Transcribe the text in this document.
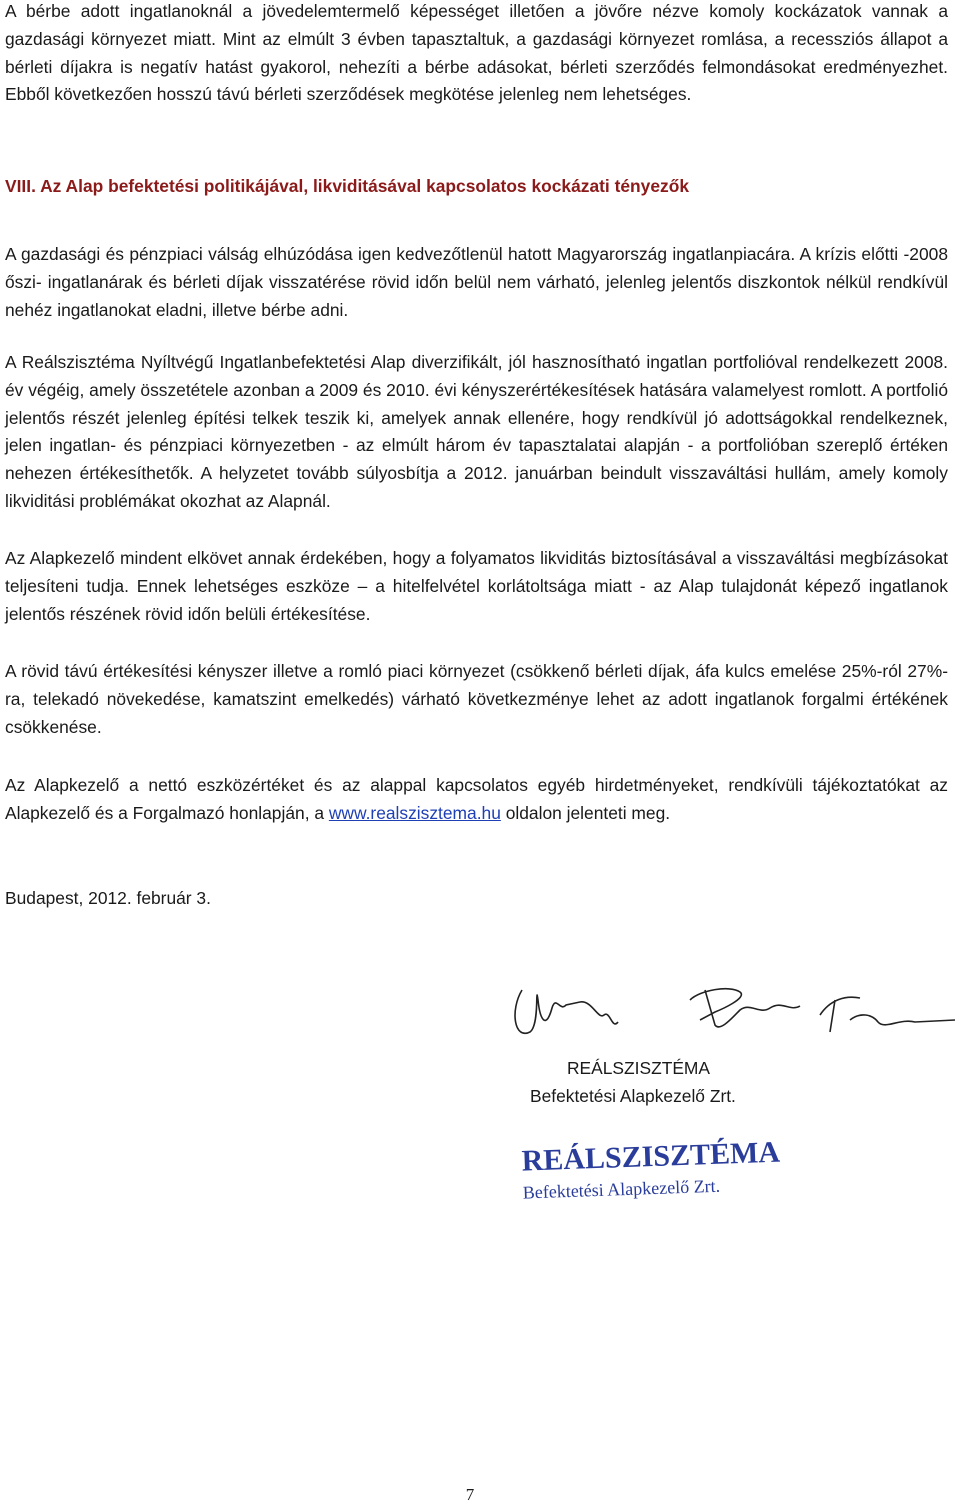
A bérbe adott ingatlanoknál a jövedelemtermelő képességet illetően a jövőre nézve komoly kockázatok vannak a gazdasági környezet miatt. Mint az elmúlt 3 évben tapasztaltuk, a gazdasági környezet romlása, a recessziós állapot a bérleti díjakra is negatív hatást gyakorol, nehezíti a bérbe adásokat, bérleti szerződés felmondásokat eredményezhet. Ebből következően hosszú távú bérleti szerződések megkötése jelenleg nem lehetséges.

VIII. Az Alap befektetési politikájával, likviditásával kapcsolatos kockázati tényezők

A gazdasági és pénzpiaci válság elhúzódása igen kedvezőtlenül hatott Magyarország ingatlanpiacára. A krízis előtti -2008 őszi- ingatlanárak és bérleti díjak visszatérése rövid időn belül nem várható, jelenleg jelentős diszkontok nélkül rendkívül nehéz ingatlanokat eladni, illetve bérbe adni.

A Reálszisztéma Nyíltvégű Ingatlanbefektetési Alap diverzifikált, jól hasznosítható ingatlan portfolióval rendelkezett 2008. év végéig, amely összetétele azonban a 2009 és 2010. évi kényszerértékesítések hatására valamelyest romlott. A portfolió jelentős részét jelenleg építési telkek teszik ki, amelyek annak ellenére, hogy rendkívül jó adottságokkal rendelkeznek, jelen ingatlan- és pénzpiaci környezetben - az elmúlt három év tapasztalatai alapján - a portfolióban szereplő értéken nehezen értékesíthetők. A helyzetet tovább súlyosbítja a 2012. januárban beindult visszaváltási hullám, amely komoly likviditási problémákat okozhat az Alapnál.

Az Alapkezelő mindent elkövet annak érdekében, hogy a folyamatos likviditás biztosításával a visszaváltási megbízásokat teljesíteni tudja. Ennek lehetséges eszköze – a hitelfelvétel korlátoltsága miatt - az Alap tulajdonát képező ingatlanok jelentős részének rövid időn belüli értékesítése.

A rövid távú értékesítési kényszer illetve a romló piaci környezet (csökkenő bérleti díjak, áfa kulcs emelése 25%-ról 27%-ra, telekadó növekedése, kamatszint emelkedés) várható következménye lehet az adott ingatlanok forgalmi értékének csökkenése.

Az Alapkezelő a nettó eszközértéket és az alappal kapcsolatos egyéb hirdetményeket, rendkívüli tájékoztatókat az Alapkezelő és a Forgalmazó honlapján, a www.realszisztema.hu oldalon jelenteti meg.

Budapest, 2012. február 3.

REÁLSZISZTÉMA
Befektetési Alapkezelő Zrt.

REÁLSZISZTÉMA
Befektetési Alapkezelő Zrt.
7
